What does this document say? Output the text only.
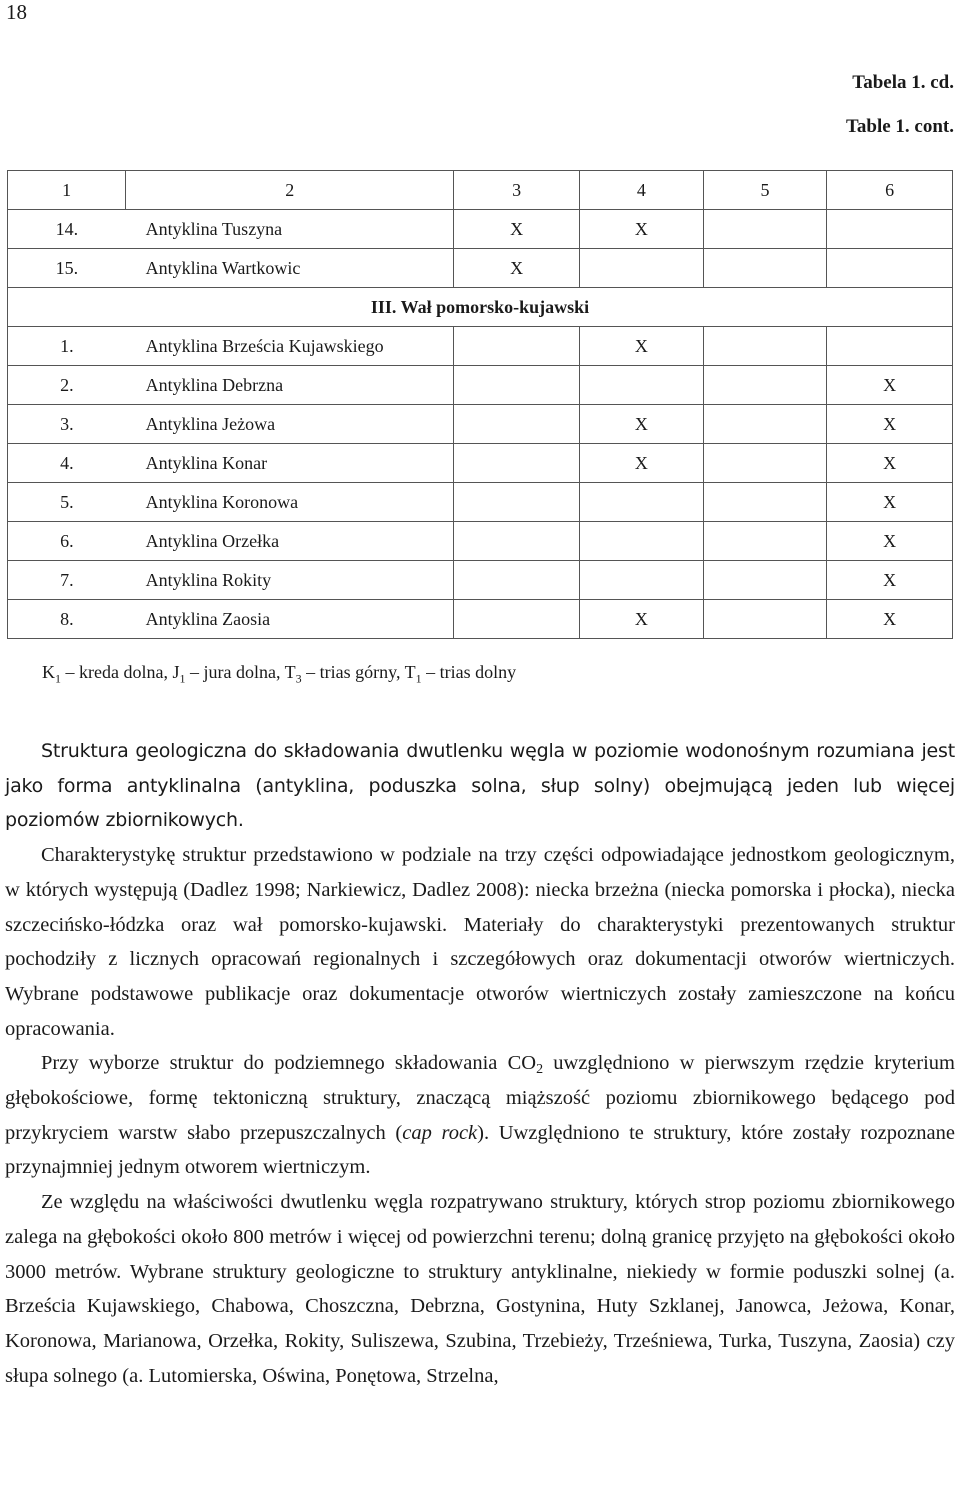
18
Tabela 1. cd.
Table 1. cont.
1	2	3	4	5	6
14.	Antyklina Tuszyna	X	X		
15.	Antyklina Wartkowic	X			
III. Wał pomorsko-kujawski					
1.	Antyklina Brześcia Kujawskiego		X		
2.	Antyklina Debrzna				X
3.	Antyklina Jeżowa		X		X
4.	Antyklina Konar		X		X
5.	Antyklina Koronowa				X
6.	Antyklina Orzełka				X
7.	Antyklina Rokity				X
8.	Antyklina Zaosia		X		X
$K_1$ – kreda dolna, $J_1$ – jura dolna, $T_3$ – trias górny, $T_1$ – trias dolny

Struktura geologiczna do składowania dwutlenku węgla w poziomie wodonośnym rozumiana jest jako forma antyklinalna (antyklina, poduszka solna, słup solny) obejmującą jeden lub więcej poziomów zbiornikowych.

Charakterystykę struktur przedstawiono w podziale na trzy części odpowiadające jednostkom geologicznym, w których występują (Dadlez 1998; Narkiewicz, Dadlez 2008): niecka brzeżna (niecka pomorska i płocka), niecka szczecińsko-łódzka oraz wał pomorsko-kujawski. Materiały do charakterystyki prezentowanych struktur pochodziły z licznych opracowań regionalnych i szczegółowych oraz dokumentacji otworów wiertniczych. Wybrane podstawowe publikacje oraz dokumentacje otworów wiertniczych zostały zamieszczone na końcu opracowania.

Przy wyborze struktur do podziemnego składowania $CO_2$ uwzględniono w pierwszym rzędzie kryterium głębokościowe, formę tektoniczną struktury, znaczącą miąższość poziomu zbiornikowego będącego pod przykryciem warstw słabo przepuszczalnych (cap rock). Uwzględniono te struktury, które zostały rozpoznane przynajmniej jednym otworem wiertniczym.

Ze względu na właściwości dwutlenku węgla rozpatrywano struktury, których strop poziomu zbiornikowego zalega na głębokości około 800 metrów i więcej od powierzchni terenu; dolną granicę przyjęto na głębokości około 3000 metrów. Wybrane struktury geologiczne to struktury antyklinalne, niekiedy w formie poduszki solnej (a. Brześcia Kujawskiego, Chabowa, Choszczna, Debrzna, Gostynina, Huty Szklanej, Janowca, Jeżowa, Konar, Koronowa, Marianowa, Orzełka, Rokity, Suliszewa, Szubina, Trzebieży, Trześniewa, Turka, Tuszyna, Zaosia) czy słupa solnego (a. Lutomierska, Oświna, Ponętowa, Strzelna,
